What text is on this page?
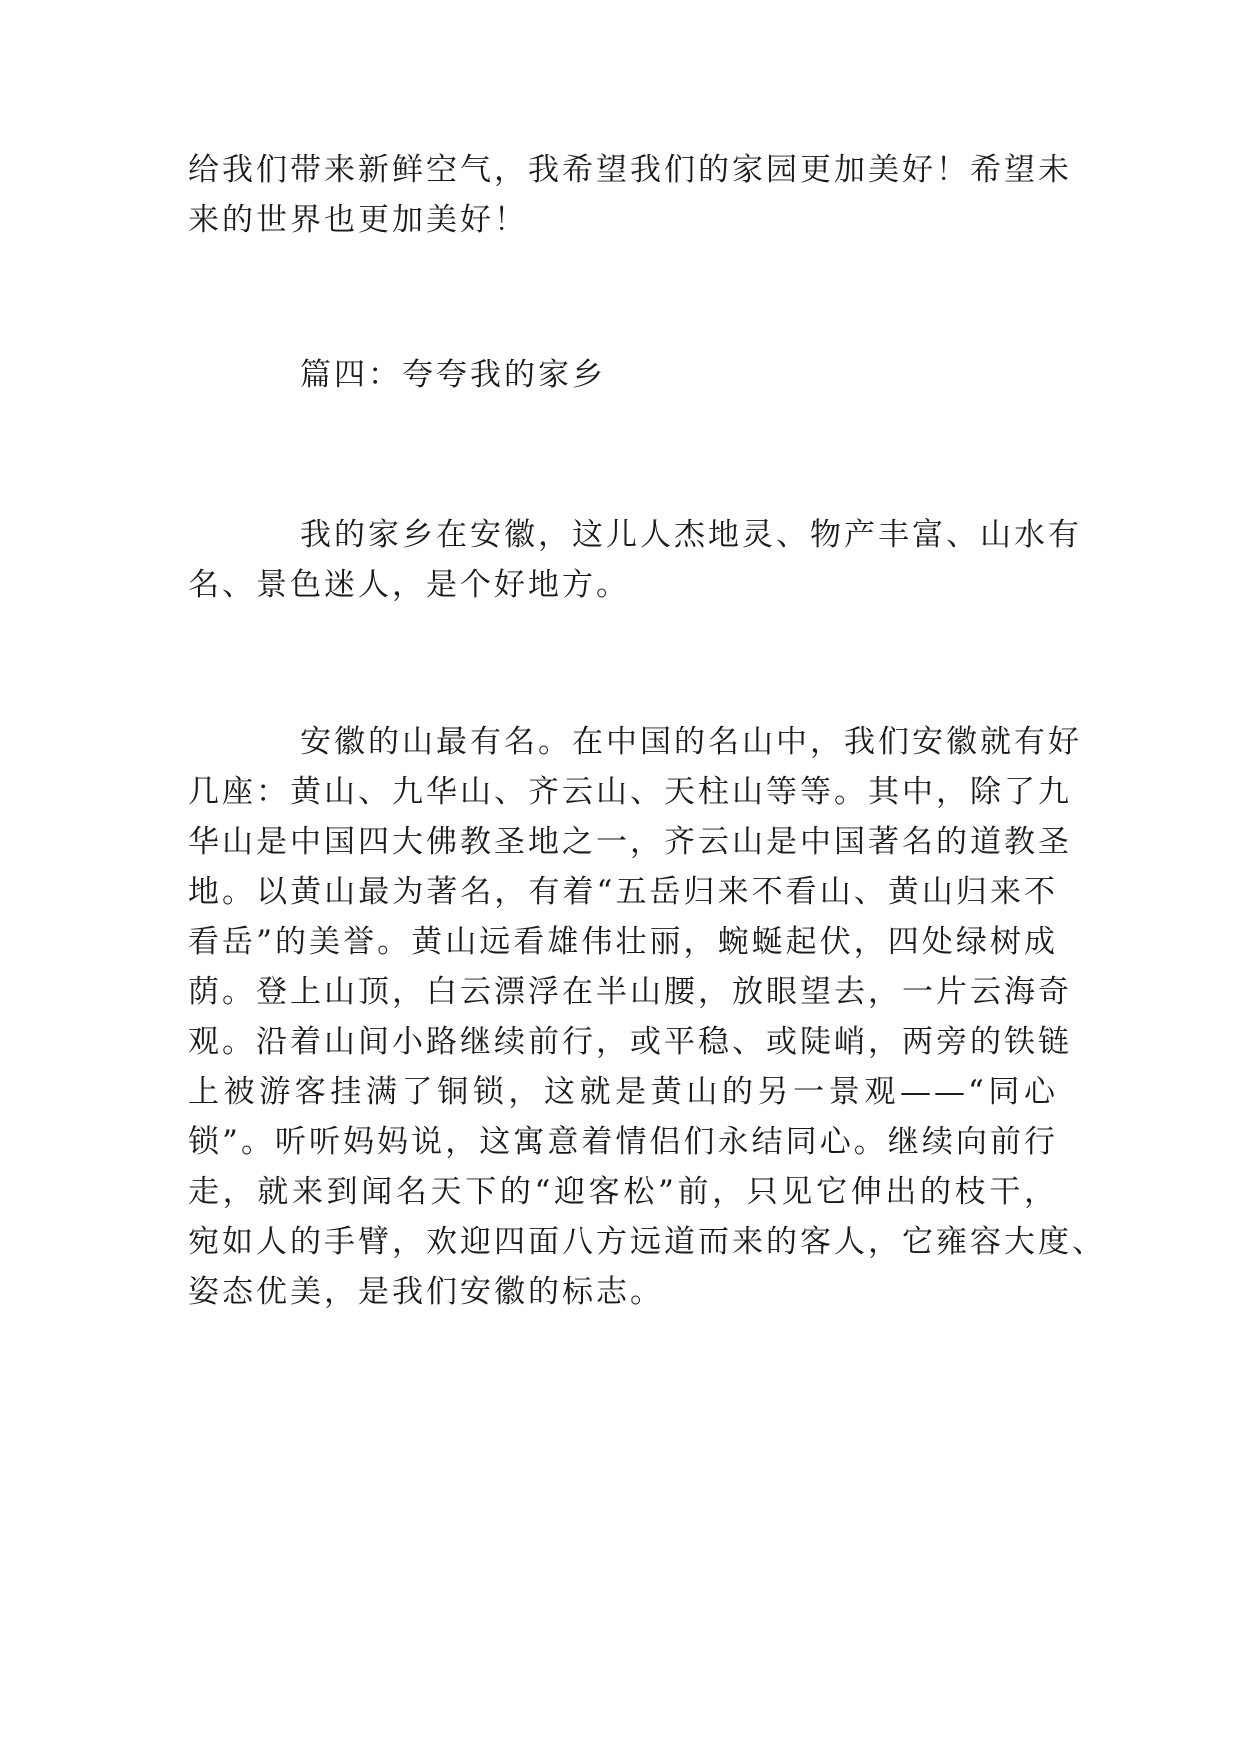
给我们带来新鲜空气，我希望我们的家园更加美好！希望未
来的世界也更加美好！
篇四：夸夸我的家乡
我的家乡在安徽，这儿人杰地灵、物产丰富、山水有
名、景色迷人，是个好地方。
安徽的山最有名。在中国的名山中，我们安徽就有好
几座：黄山、九华山、齐云山、天柱山等等。其中，除了九
华山是中国四大佛教圣地之一，齐云山是中国著名的道教圣
地。以黄山最为著名，有着“五岳归来不看山、黄山归来不
看岳”的美誉。黄山远看雄伟壮丽，蜿蜒起伏，四处绿树成
荫。登上山顶，白云漂浮在半山腰，放眼望去，一片云海奇
观。沿着山间小路继续前行，或平稳、或陡峭，两旁的铁链
上被游客挂满了铜锁，这就是黄山的另一景观——“同心
锁”。听听妈妈说，这寓意着情侣们永结同心。继续向前行
走，就来到闻名天下的“迎客松”前，只见它伸出的枝干，
宛如人的手臂，欢迎四面八方远道而来的客人，它雍容大度、
姿态优美，是我们安徽的标志。
